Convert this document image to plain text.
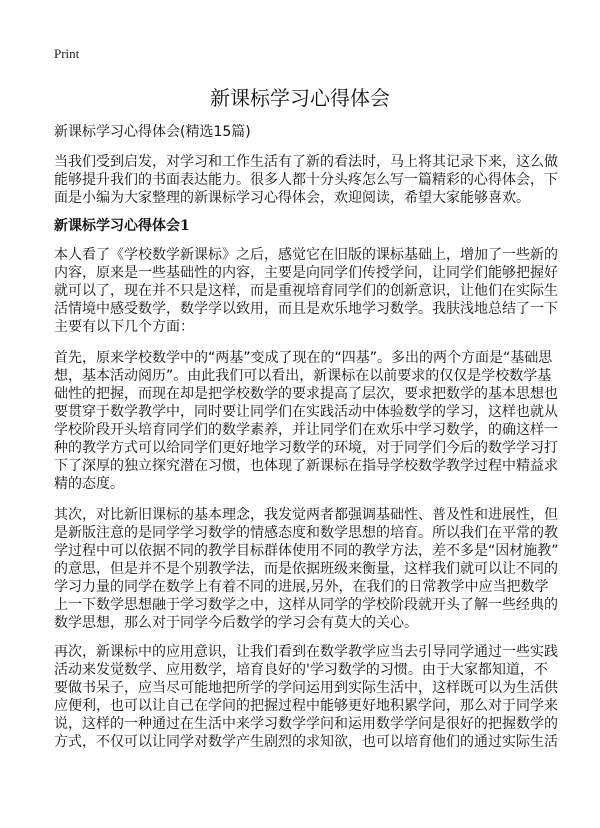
Print
新课标学习心得体会
新课标学习心得体会(精选15篇)
当我们受到启发，对学习和工作生活有了新的看法时，马上将其记录下来，这么做
能够提升我们的书面表达能力。很多人都十分头疼怎么写一篇精彩的心得体会，下
面是小编为大家整理的新课标学习心得体会，欢迎阅读，希望大家能够喜欢。
新课标学习心得体会1
本人看了《学校数学新课标》之后，感觉它在旧版的课标基础上，增加了一些新的
内容，原来是一些基础性的内容，主要是向同学们传授学问，让同学们能够把握好
就可以了，现在并不只是这样，而是重视培育同学们的创新意识，让他们在实际生
活情境中感受数学，数学学以致用，而且是欢乐地学习数学。我肤浅地总结了一下
主要有以下几个方面：
首先，原来学校数学中的“两基”变成了现在的“四基”。多出的两个方面是“基础思
想，基本活动阅历”。由此我们可以看出，新课标在以前要求的仅仅是学校数学基
础性的把握，而现在却是把学校数学的要求提高了层次，要求把数学的基本思想也
要贯穿于数学教学中，同时要让同学们在实践活动中体验数学的学习，这样也就从
学校阶段开头培育同学们的数学素养，并让同学们在欢乐中学习数学，的确这样一
种的教学方式可以给同学们更好地学习数学的环境，对于同学们今后的数学学习打
下了深厚的独立探究潜在习惯，也体现了新课标在指导学校数学教学过程中精益求
精的态度。
其次，对比新旧课标的基本理念，我发觉两者都强调基础性、普及性和进展性，但
是新版注意的是同学学习数学的情感态度和数学思想的培育。所以我们在平常的教
学过程中可以依据不同的教学目标群体使用不同的教学方法，差不多是“因材施教”
的意思，但是并不是个别教学法，而是依据班级来衡量，这样我们就可以让不同的
学习力量的同学在数学上有着不同的进展,另外，在我们的日常教学中应当把数学
上一下数学思想融于学习数学之中，这样从同学的学校阶段就开头了解一些经典的
数学思想，那么对于同学今后数学的学习会有莫大的关心。
再次，新课标中的应用意识，让我们看到在数学教学应当去引导同学通过一些实践
活动来发觉数学、应用数学，培育良好的'学习数学的习惯。由于大家都知道，不
要做书呆子，应当尽可能地把所学的学问运用到实际生活中，这样既可以为生活供
应便利，也可以让自己在学问的把握过程中能够更好地积累学问，那么对于同学来
说，这样的一种通过在生活中来学习数学学问和运用数学学问是很好的把握数学的
方式，不仅可以让同学对数学产生剧烈的求知欲，也可以培育他们的通过实际生活
